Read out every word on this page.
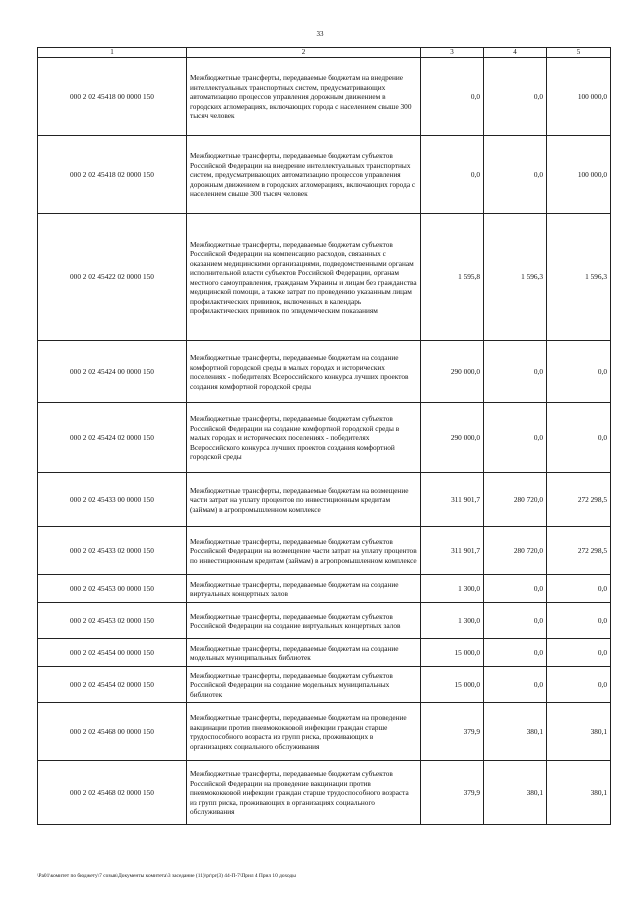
33
1	2	3	4	5
000 2 02 45418 00 0000 150	Межбюджетные трансферты, передаваемые бюджетам на внедрение интеллектуальных транспортных систем, предусматривающих автоматизацию процессов управления дорожным движением в городских агломерациях, включающих города с населением свыше 300 тысяч человек	0,0	0,0	100 000,0
000 2 02 45418 02 0000 150	Межбюджетные трансферты, передаваемые бюджетам субъектов Российской Федерации на внедрение интеллектуальных транспортных систем, предусматривающих автоматизацию процессов управления дорожным движением в городских агломерациях, включающих города с населением свыше 300 тысяч человек	0,0	0,0	100 000,0
000 2 02 45422 02 0000 150	Межбюджетные трансферты, передаваемые бюджетам субъектов Российской Федерации на компенсацию расходов, связанных с оказанием медицинскими организациями, подведомственными органам исполнительной власти субъектов Российской Федерации, органам местного самоуправления, гражданам Украины и лицам без гражданства медицинской помощи, а также затрат по проведению указанным лицам профилактических прививок, включенных в календарь профилактических прививок по эпидемическим показаниям	1 595,8	1 596,3	1 596,3
000 2 02 45424 00 0000 150	Межбюджетные трансферты, передаваемые бюджетам на создание комфортной городской среды в малых городах и исторических поселениях - победителях Всероссийского конкурса лучших проектов создания комфортной городской среды	290 000,0	0,0	0,0
000 2 02 45424 02 0000 150	Межбюджетные трансферты, передаваемые бюджетам субъектов Российской Федерации на создание комфортной городской среды в малых городах и исторических поселениях - победителях Всероссийского конкурса лучших проектов создания комфортной городской среды	290 000,0	0,0	0,0
000 2 02 45433 00 0000 150	Межбюджетные трансферты, передаваемые бюджетам на возмещение части затрат на уплату процентов по инвестиционным кредитам (займам) в агропромышленном комплексе	311 901,7	280 720,0	272 298,5
000 2 02 45433 02 0000 150	Межбюджетные трансферты, передаваемые бюджетам субъектов Российской Федерации на возмещение части затрат на уплату процентов по инвестиционным кредитам (займам) в агропромышленном комплексе	311 901,7	280 720,0	272 298,5
000 2 02 45453 00 0000 150	Межбюджетные трансферты, передаваемые бюджетам на создание виртуальных концертных залов	1 300,0	0,0	0,0
000 2 02 45453 02 0000 150	Межбюджетные трансферты, передаваемые бюджетам субъектов Российской Федерации на создание виртуальных концертных залов	1 300,0	0,0	0,0
000 2 02 45454 00 0000 150	Межбюджетные трансферты, передаваемые бюджетам на создание модельных муниципальных библиотек	15 000,0	0,0	0,0
000 2 02 45454 02 0000 150	Межбюджетные трансферты, передаваемые бюджетам субъектов Российской Федерации на создание модельных муниципальных библиотек	15 000,0	0,0	0,0
000 2 02 45468 00 0000 150	Межбюджетные трансферты, передаваемые бюджетам на проведение вакцинации против пневмококковой инфекции граждан старше трудоспособного возраста из групп риска, проживающих в организациях социального обслуживания	379,9	380,1	380,1
000 2 02 45468 02 0000 150	Межбюджетные трансферты, передаваемые бюджетам субъектов Российской Федерации на проведение вакцинации против пневмококковой инфекции граждан старше трудоспособного возраста из групп риска, проживающих в организациях социального обслуживания	379,9	380,1	380,1
\Pa01\комитет по бюджету\7 созыв\Документы комитета\3 заседание (11)\pr\pr(3) 44-П-7\Прил 4 Прил 10 доходы
